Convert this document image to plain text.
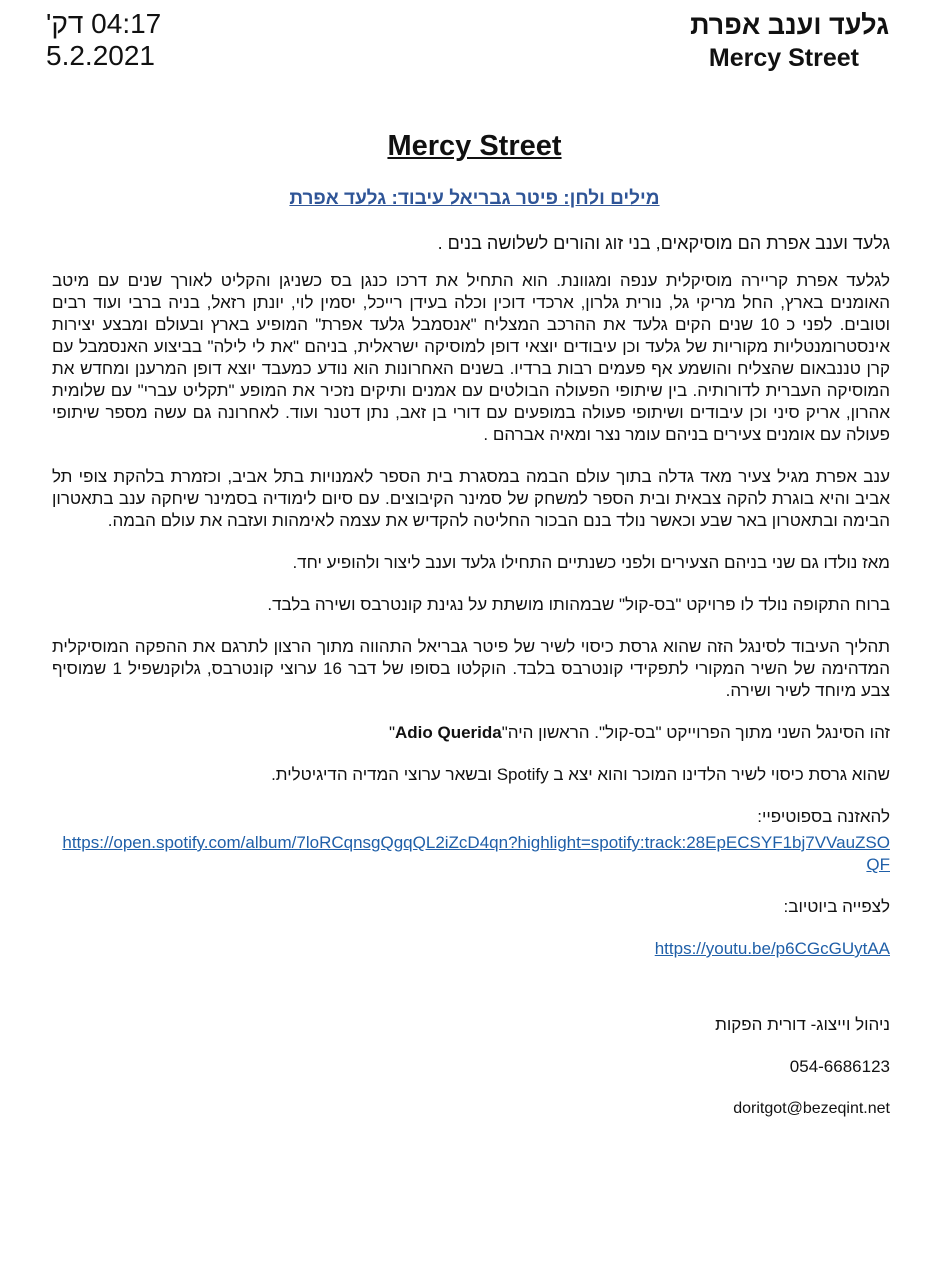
04:17 דק'
5.2.2021
גלעד וענב אפרת
Mercy Street
Mercy Street
מילים ולחן: פיטר גבריאל עיבוד: גלעד אפרת

גלעד וענב אפרת הם מוסיקאים, בני זוג והורים לשלושה בנים .

לגלעד אפרת קריירה מוסיקלית ענפה ומגוונת. הוא התחיל את דרכו כנגן בס כשניגן והקליט לאורך שנים עם מיטב האומנים בארץ, החל מריקי גל, נורית גלרון, ארכדי דוכין וכלה בעידן רייכל, יסמין לוי, יונתן רזאל, בניה ברבי ועוד רבים וטובים. לפני כ 10 שנים הקים גלעד את ההרכב המצליח "אנסמבל גלעד אפרת" המופיע בארץ ובעולם ומבצע יצירות אינסטרומנטליות מקוריות של גלעד וכן עיבודים יוצאי דופן למוסיקה ישראלית, בניהם "את לי לילה" בביצוע האנסמבל עם קרן טננבאום שהצליח והושמע אף פעמים רבות ברדיו. בשנים האחרונות הוא נודע כמעבד יוצא דופן המרענן ומחדש את המוסיקה העברית לדורותיה. בין שיתופי הפעולה הבולטים עם אמנים ותיקים נזכיר את המופע "תקליט עברי" עם שלומית אהרון, אריק סיני וכן עיבודים ושיתופי פעולה במופעים עם דורי בן זאב, נתן דטנר ועוד. לאחרונה גם עשה מספר שיתופי פעולה עם אומנים צעירים בניהם עומר נצר ומאיה אברהם .

ענב אפרת מגיל צעיר מאד גדלה בתוך עולם הבמה במסגרת בית הספר לאמנויות בתל אביב, וכזמרת בלהקת צופי תל אביב והיא בוגרת להקה צבאית ובית הספר למשחק של סמינר הקיבוצים. עם סיום לימודיה בסמינר שיחקה ענב בתאטרון הבימה ובתאטרון באר שבע וכאשר נולד בנם הבכור החליטה להקדיש את עצמה לאימהות ועזבה את עולם הבמה.

מאז נולדו גם שני בניהם הצעירים ולפני כשנתיים התחילו גלעד וענב ליצור ולהופיע יחד.

ברוח התקופה נולד לו פרויקט "בס-קול" שבמהותו מושתת על נגינת קונטרבס ושירה בלבד.

תהליך העיבוד לסינגל הזה שהוא גרסת כיסוי לשיר של פיטר גבריאל התהווה מתוך הרצון לתרגם את ההפקה המוסיקלית המדהימה של השיר המקורי לתפקידי קונטרבס בלבד. הוקלטו בסופו של דבר 16 ערוצי קונטרבס, גלוקנשפיל 1 שמוסיף צבע מיוחד לשיר ושירה.

זהו הסינגל השני מתוך הפרוייקט "בס-קול". הראשון היה"Adio Querida"

שהוא גרסת כיסוי לשיר הלדינו המוכר והוא יצא ב Spotify ובשאר ערוצי המדיה הדיגיטלית.

להאזנה בספוטיפיי:

https://open.spotify.com/album/7loRCqnsgQgqQL2iZcD4qn?highlight=spotify:track:28EpECSYF1bj7VVauZSOQF

לצפייה ביוטיוב:

https://youtu.be/p6CGcGUytAA

ניהול וייצוג- דורית הפקות

054-6686123

doritgot@bezeqint.net
